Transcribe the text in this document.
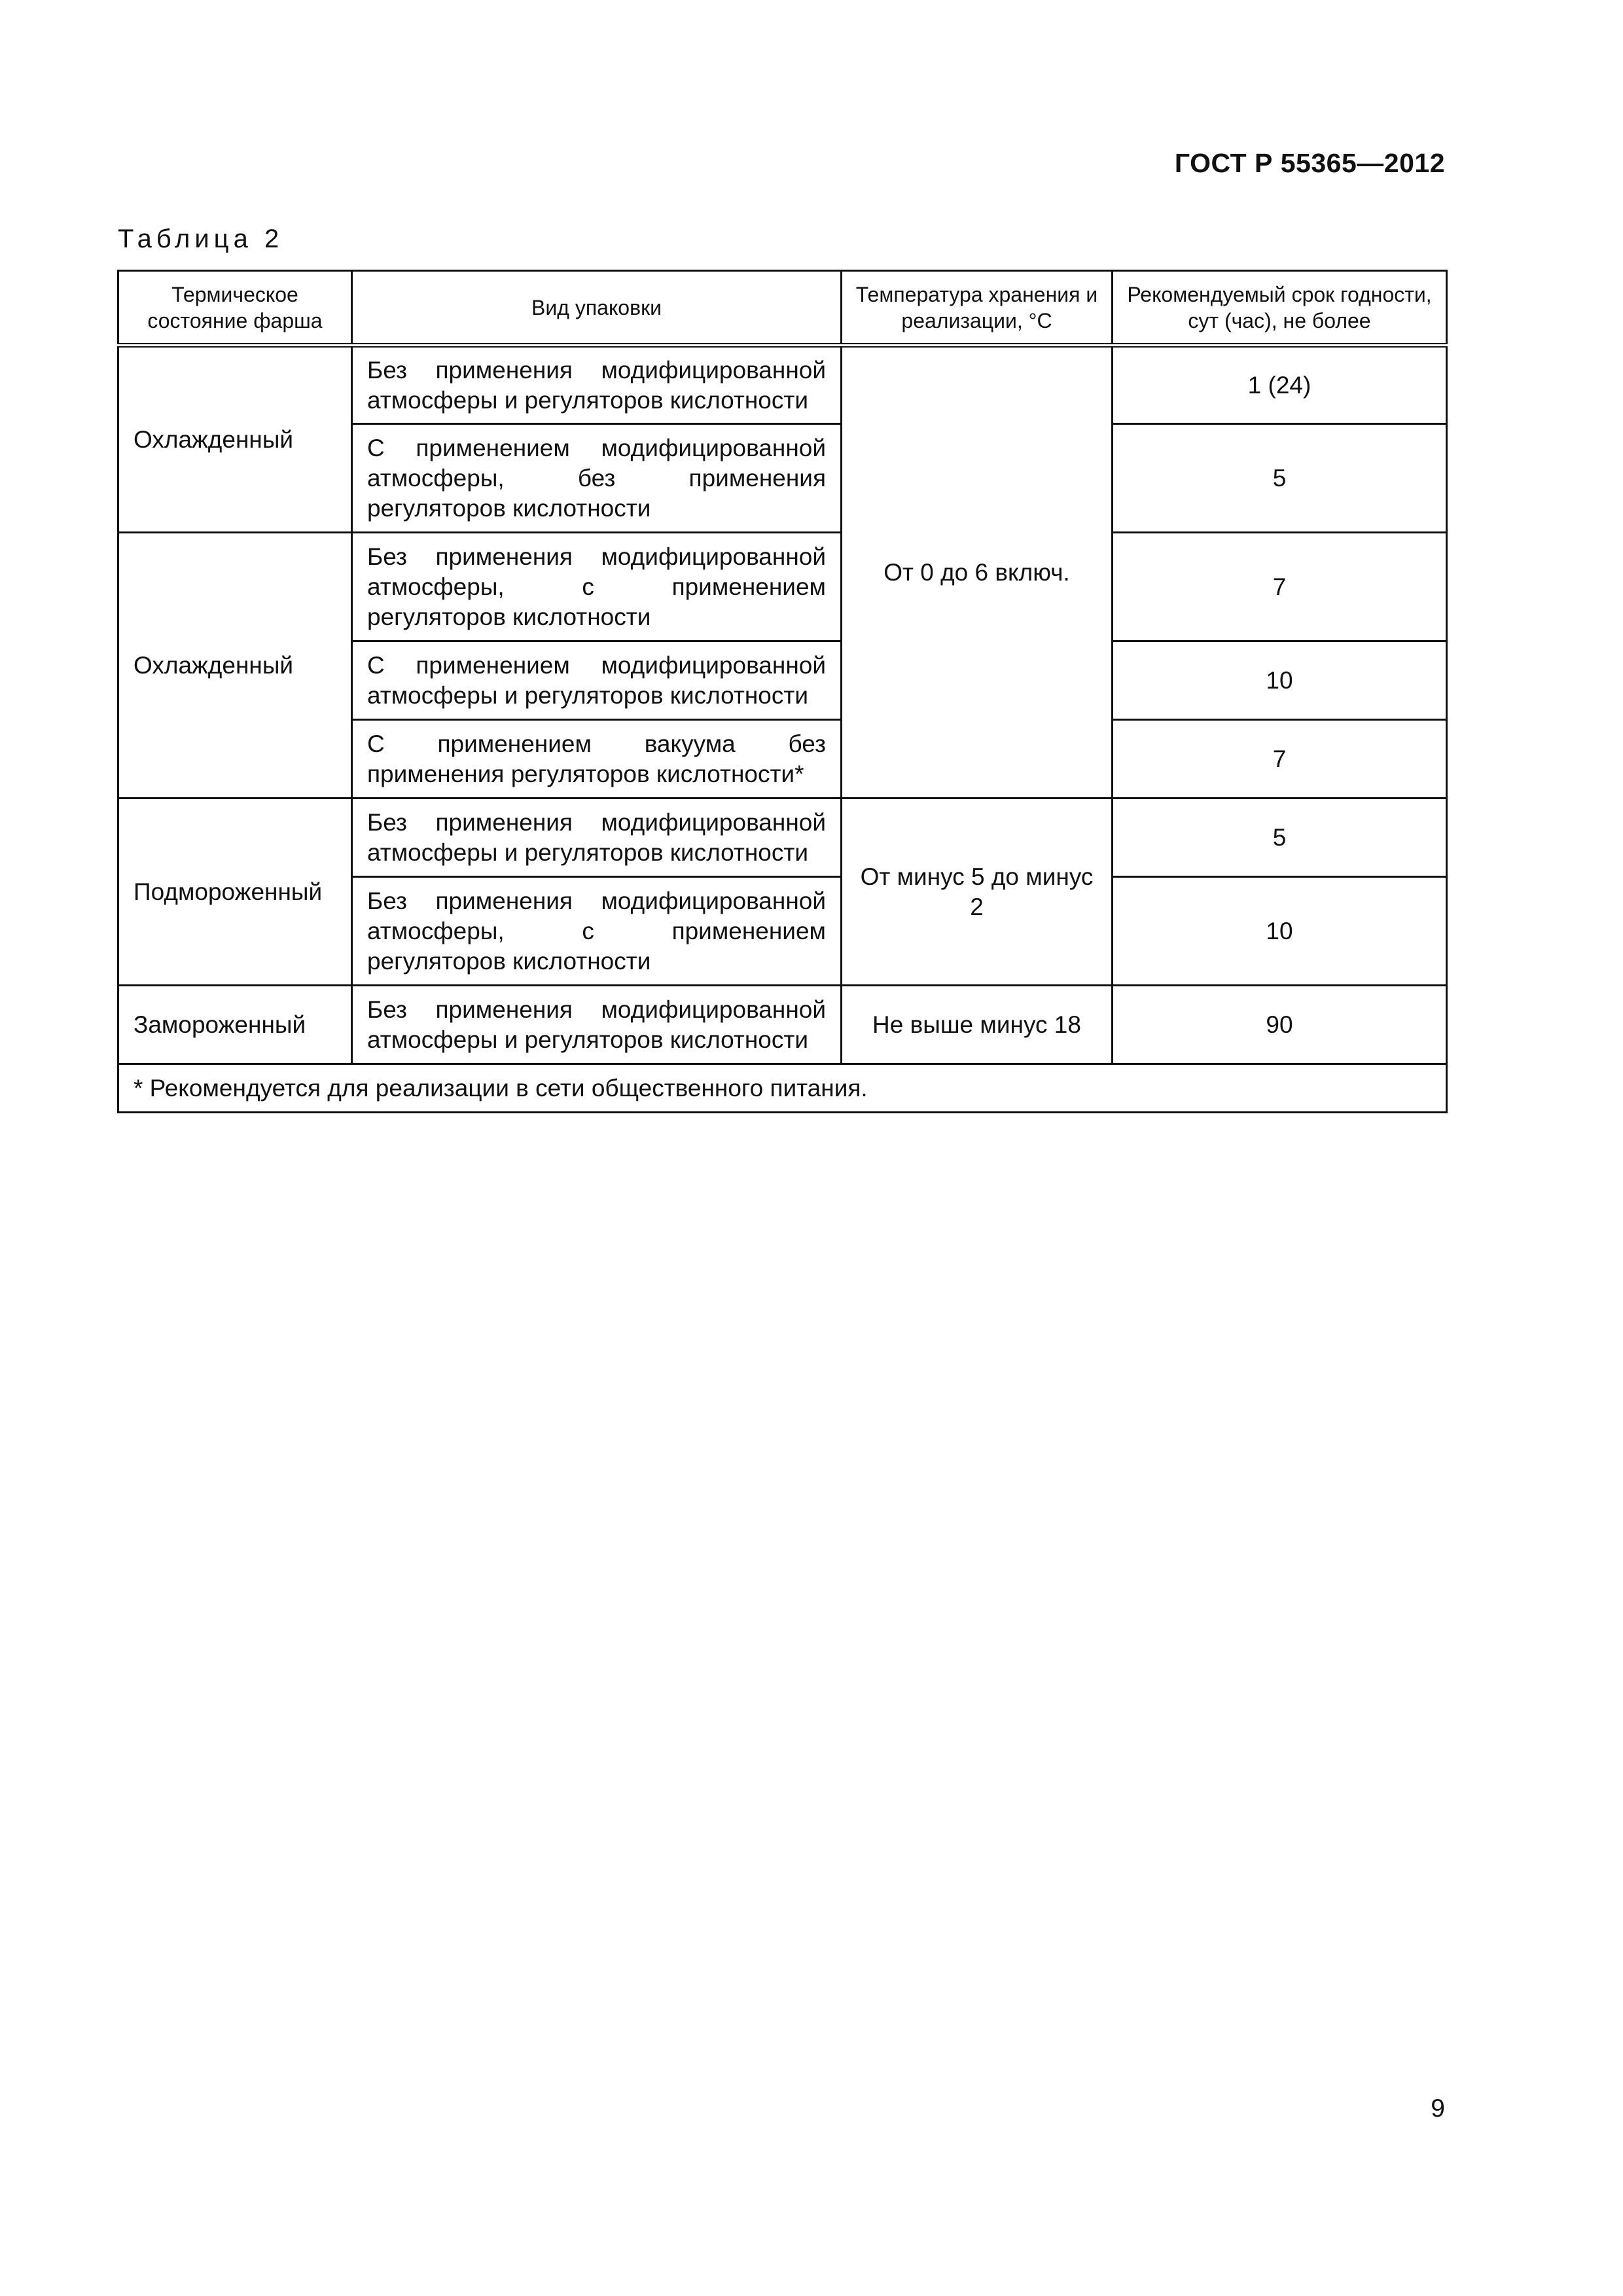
ГОСТ Р 55365—2012
Таблица 2
Термическое состояние фарша	Вид упаковки	Температура хранения и реализации, °С	Рекомендуемый срок годности, сут (час), не более
Охлажденный	Без применения модифицированной атмосферы и регуляторов кислотности	От 0 до 6 включ.	1 (24)
	С применением модифицированной атмосферы, без применения регуляторов кислотности		5
Охлажденный	Без применения модифицированной атмосферы, с применением регуляторов кислотности		7
	С применением модифицированной атмосферы и регуляторов кислотности		10
	С применением вакуума без применения регуляторов кислотности*		7
Подмороженный	Без применения модифицированной атмосферы и регуляторов кислотности	От минус 5 до минус 2	5
	Без применения модифицированной атмосферы, с применением регуляторов кислотности		10
Замороженный	Без применения модифицированной атмосферы и регуляторов кислотности	Не выше минус 18	90
* Рекомендуется для реализации в сети общественного питания.			
9
